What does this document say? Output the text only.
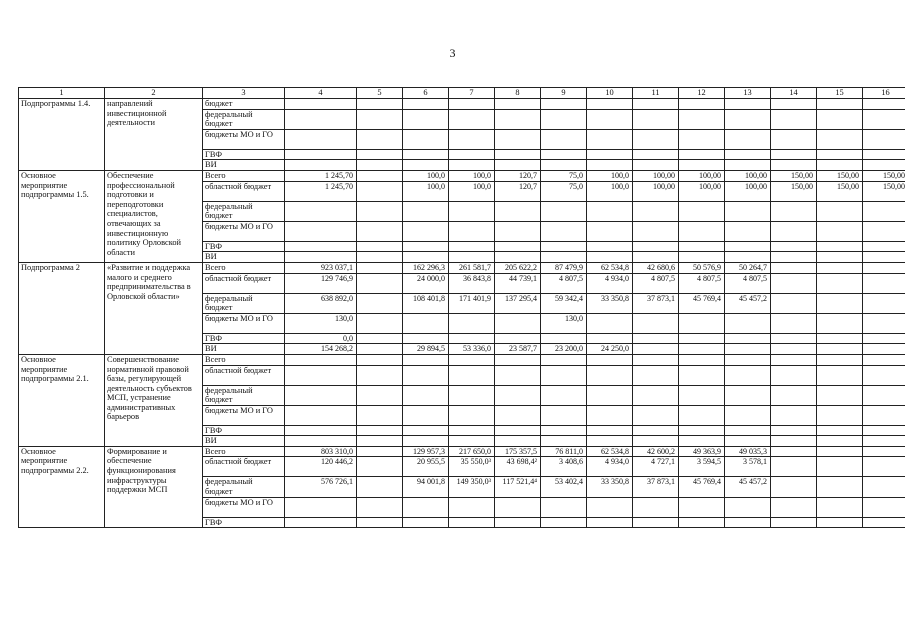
3
1	2	3	4	5	6	7	8	9	10	11	12	13	14	15	16
Подпрограммы 1.4.	направлений инвестиционной деятельности	бюджет													
		федеральный бюджет													
		бюджеты МО и ГО													
		ГВФ													
		ВИ													
Основное мероприятие подпрограммы 1.5.	Обеспечение профессиональной подготовки и переподготовки специалистов, отвечающих за инвестиционную политику Орловской области	Всего	1 245,70		100,0	100,0	120,7	75,0	100,0	100,00	100,00	100,00	150,00	150,00	150,00
		областной бюджет	1 245,70		100,0	100,0	120,7	75,0	100,0	100,00	100,00	100,00	150,00	150,00	150,00
		федеральный бюджет													
		бюджеты МО и ГО													
		ГВФ													
		ВИ													
Подпрограмма 2	«Развитие и поддержка малого и среднего предпринимательства в Орловской области»	Всего	923 037,1		162 296,3	261 581,7	205 622,2	87 479,9	62 534,8	42 680,6	50 576,9	50 264,7			
		областной бюджет	129 746,9		24 000,0	36 843,8	44 739,1	4 807,5	4 934,0	4 807,5	4 807,5	4 807,5			
		федеральный бюджет	638 892,0		108 401,8	171 401,9	137 295,4	59 342,4	33 350,8	37 873,1	45 769,4	45 457,2			
		бюджеты МО и ГО	130,0					130,0							
		ГВФ	0,0												
		ВИ	154 268,2		29 894,5	53 336,0	23 587,7	23 200,0	24 250,0						
Основное мероприятие подпрограммы 2.1.	Совершенствование нормативной правовой базы, регулирующей деятельность субъектов МСП, устранение административных барьеров	Всего													
		областной бюджет													
		федеральный бюджет													
		бюджеты МО и ГО													
		ГВФ													
		ВИ													
Основное мероприятие подпрограммы 2.2.	Формирование и обеспечение функционирования инфраструктуры поддержки МСП	Всего	803 310,0		129 957,3	217 650,0	175 357,5	76 811,0	62 534,8	42 600,2	49 363,9	49 035,3			
		областной бюджет	120 446,2		20 955,5	35 550,0³	43 698,4²	3 408,6	4 934,0	4 727,1	3 594,5	3 578,1			
		федеральный бюджет	576 726,1		94 001,8	149 350,0³	117 521,4⁴	53 402,4	33 350,8	37 873,1	45 769,4	45 457,2			
		бюджеты МО и ГО													
		ГВФ													
